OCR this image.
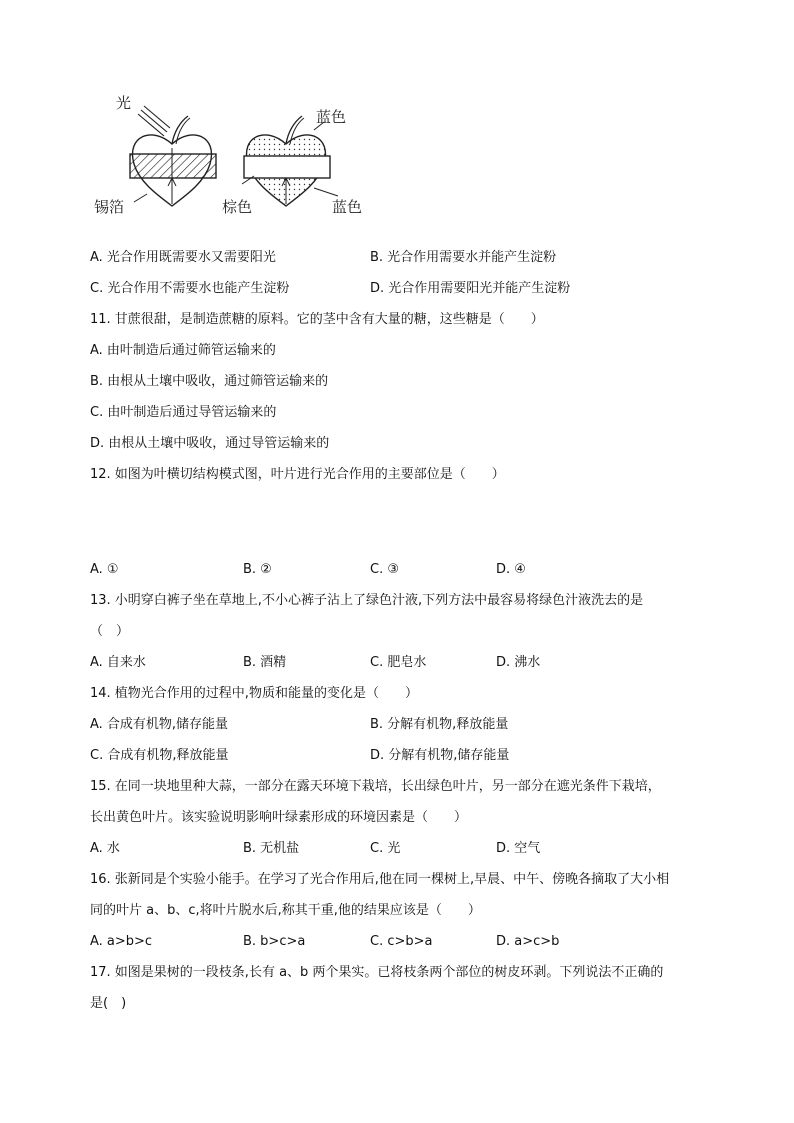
光
锡箔
蓝色
棕色	蓝色
A. 光合作用既需要水又需要阳光	B. 光合作用需要水并能产生淀粉
C. 光合作用不需要水也能产生淀粉	D. 光合作用需要阳光并能产生淀粉
11. 甘蔗很甜，是制造蔗糖的原料。它的茎中含有大量的糖，这些糖是（　　）
A. 由叶制造后通过筛管运输来的
B. 由根从土壤中吸收，通过筛管运输来的
C. 由叶制造后通过导管运输来的
D. 由根从土壤中吸收，通过导管运输来的
12. 如图为叶横切结构模式图，叶片进行光合作用的主要部位是（　　）
A. ①	B. ②	C. ③	D. ④
13. 小明穿白裤子坐在草地上,不小心裤子沾上了绿色汁液,下列方法中最容易将绿色汁液洗去的是
（　）
A. 自来水	B. 酒精	C. 肥皂水	D. 沸水
14. 植物光合作用的过程中,物质和能量的变化是（　　）
A. 合成有机物,储存能量	B. 分解有机物,释放能量
C. 合成有机物,释放能量	D. 分解有机物,储存能量
15. 在同一块地里种大蒜，一部分在露天环境下栽培，长出绿色叶片，另一部分在遮光条件下栽培，
长出黄色叶片。该实验说明影响叶绿素形成的环境因素是（　　）
A. 水	B. 无机盐	C. 光	D. 空气
16. 张新同是个实验小能手。在学习了光合作用后,他在同一棵树上,早晨、中午、傍晚各摘取了大小相
同的叶片 a、b、c,将叶片脱水后,称其干重,他的结果应该是（　　）
A. a>b>c	B. b>c>a	C. c>b>a	D. a>c>b
17. 如图是果树的一段枝条,长有 a、b 两个果实。已将枝条两个部位的树皮环剥。下列说法不正确的
是(　)
